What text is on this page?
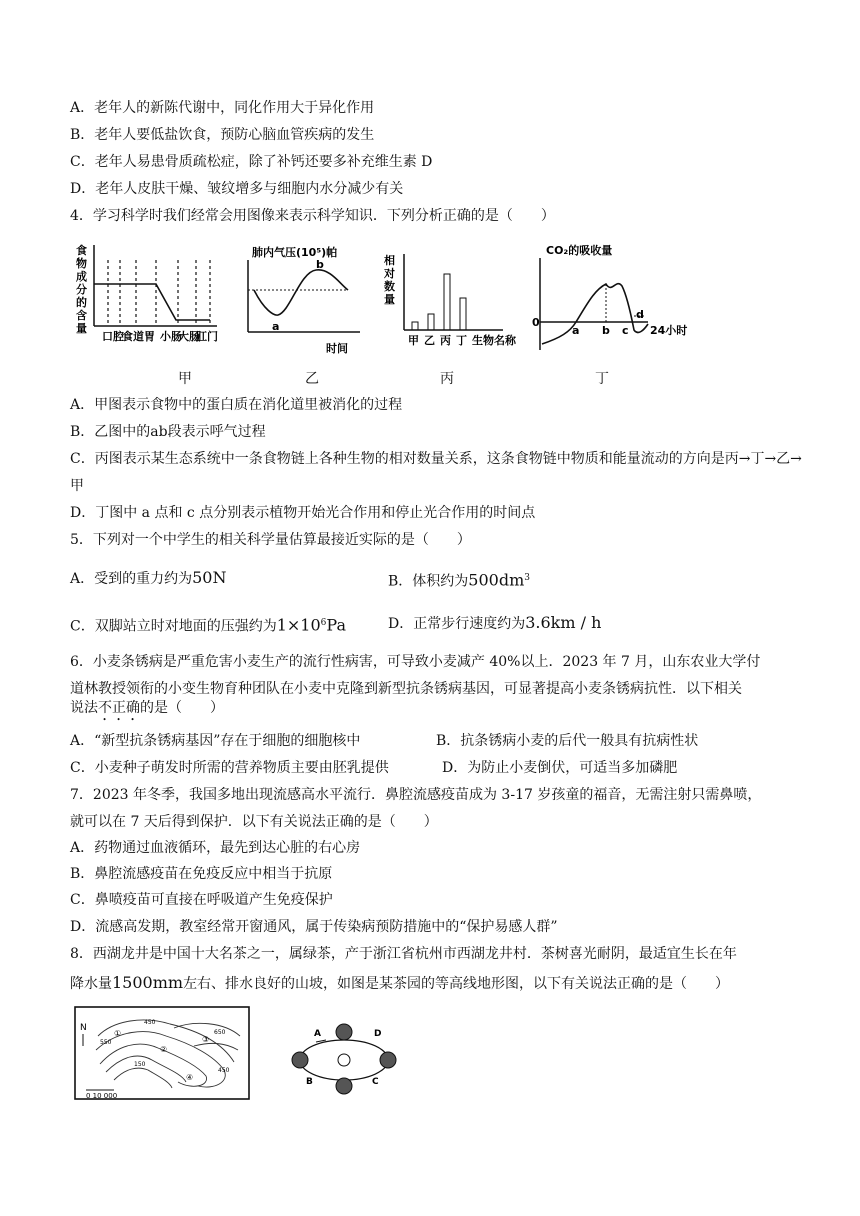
A．老年人的新陈代谢中，同化作用大于异化作用
B．老年人要低盐饮食，预防心脑血管疾病的发生
C．老年人易患骨质疏松症，除了补钙还要多补充维生素 D
D．老年人皮肤干燥、皱纹增多与细胞内水分减少有关
4．学习科学时我们经常会用图像来表示科学知识．下列分析正确的是（　　）
食
物
成
分
的
含
量
口腔
食道 胃 小肠
大肠
肛门
肺内气压(10⁵)帕
a
b
时间
相
对
数
量
甲 乙 丙 丁 生物名称
CO₂的吸收量
0
a b c
d
24小时
甲	乙	丙	丁
A．甲图表示食物中的蛋白质在消化道里被消化的过程
B．乙图中的ab段表示呼气过程
C．丙图表示某生态系统中一条食物链上各种生物的相对数量关系，这条食物链中物质和能量流动的方向是丙→丁→乙→甲
D．丁图中 a 点和 c 点分别表示植物开始光合作用和停止光合作用的时间点
5．下列对一个中学生的相关科学量估算最接近实际的是（　　）
A．受到的重力约为50N	B．体积约为$500dm^3$
C．双脚站立时对地面的压强约为$1\times 10^6Pa$	D．正常步行速度约为3.6km / h
6．小麦条锈病是严重危害小麦生产的流行性病害，可导致小麦减产 40%以上．2023 年 7 月，山东农业大学付
道林教授领衔的小变生物育种团队在小麦中克隆到新型抗条锈病基因，可显著提高小麦条锈病抗性．以下相关
说法不正确的是（　　）
A．“新型抗条锈病基因”存在于细胞的细胞核中	B．抗条锈病小麦的后代一般具有抗病性状
C．小麦种子萌发时所需的营养物质主要由胚乳提供	D．为防止小麦倒伏，可适当多加磷肥
7．2023 年冬季，我国多地出现流感高水平流行．鼻腔流感疫苗成为 3-17 岁孩童的福音，无需注射只需鼻喷，
就可以在 7 天后得到保护．以下有关说法正确的是（　　）
A．药物通过血液循环，最先到达心脏的右心房
B．鼻腔流感疫苗在免疫反应中相当于抗原
C．鼻喷疫苗可直接在呼吸道产生免疫保护
D．流感高发期，教室经常开窗通风，属于传染病预防措施中的“保护易感人群”
8．西湖龙井是中国十大名茶之一，属绿茶，产于浙江省杭州市西湖龙井村．茶树喜光耐阴，最适宜生长在年
降水量1500mm左右、排水良好的山坡，如图是某茶园的等高线地形图，以下有关说法正确的是（　　）
N
①
②
③
④
550
450
650
150
450
0 10 000
A
B	C
D
